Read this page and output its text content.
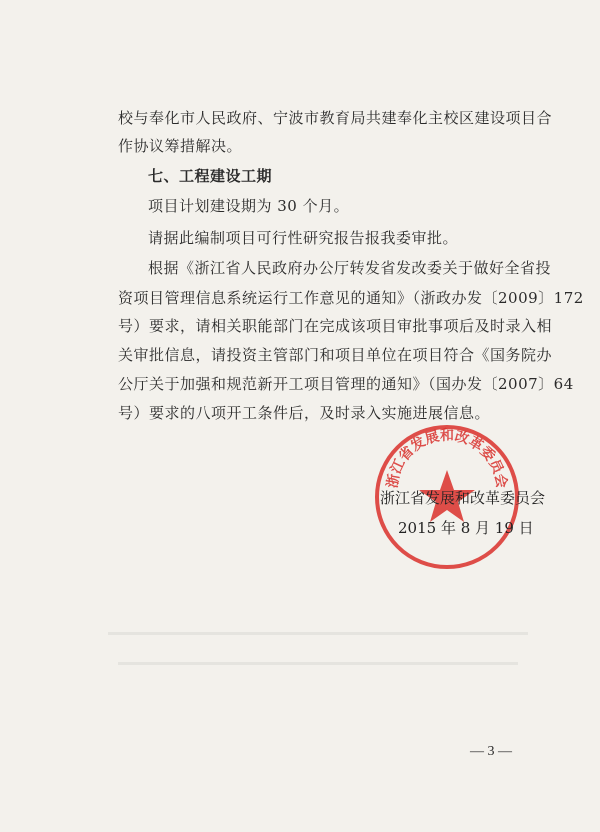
校与奉化市人民政府、宁波市教育局共建奉化主校区建设项目合
作协议筹措解决。
七、工程建设工期
项目计划建设期为 30 个月。
请据此编制项目可行性研究报告报我委审批。
根据《浙江省人民政府办公厅转发省发改委关于做好全省投
资项目管理信息系统运行工作意见的通知》（浙政办发〔2009〕172
号）要求，请相关职能部门在完成该项目审批事项后及时录入相
关审批信息，请投资主管部门和项目单位在项目符合《国务院办
公厅关于加强和规范新开工项目管理的通知》（国办发〔2007〕64
号）要求的八项开工条件后，及时录入实施进展信息。
浙江省发展和改革委员会
浙江省发展和改革委员会
2015 年 8 月 19 日
— 3 —
